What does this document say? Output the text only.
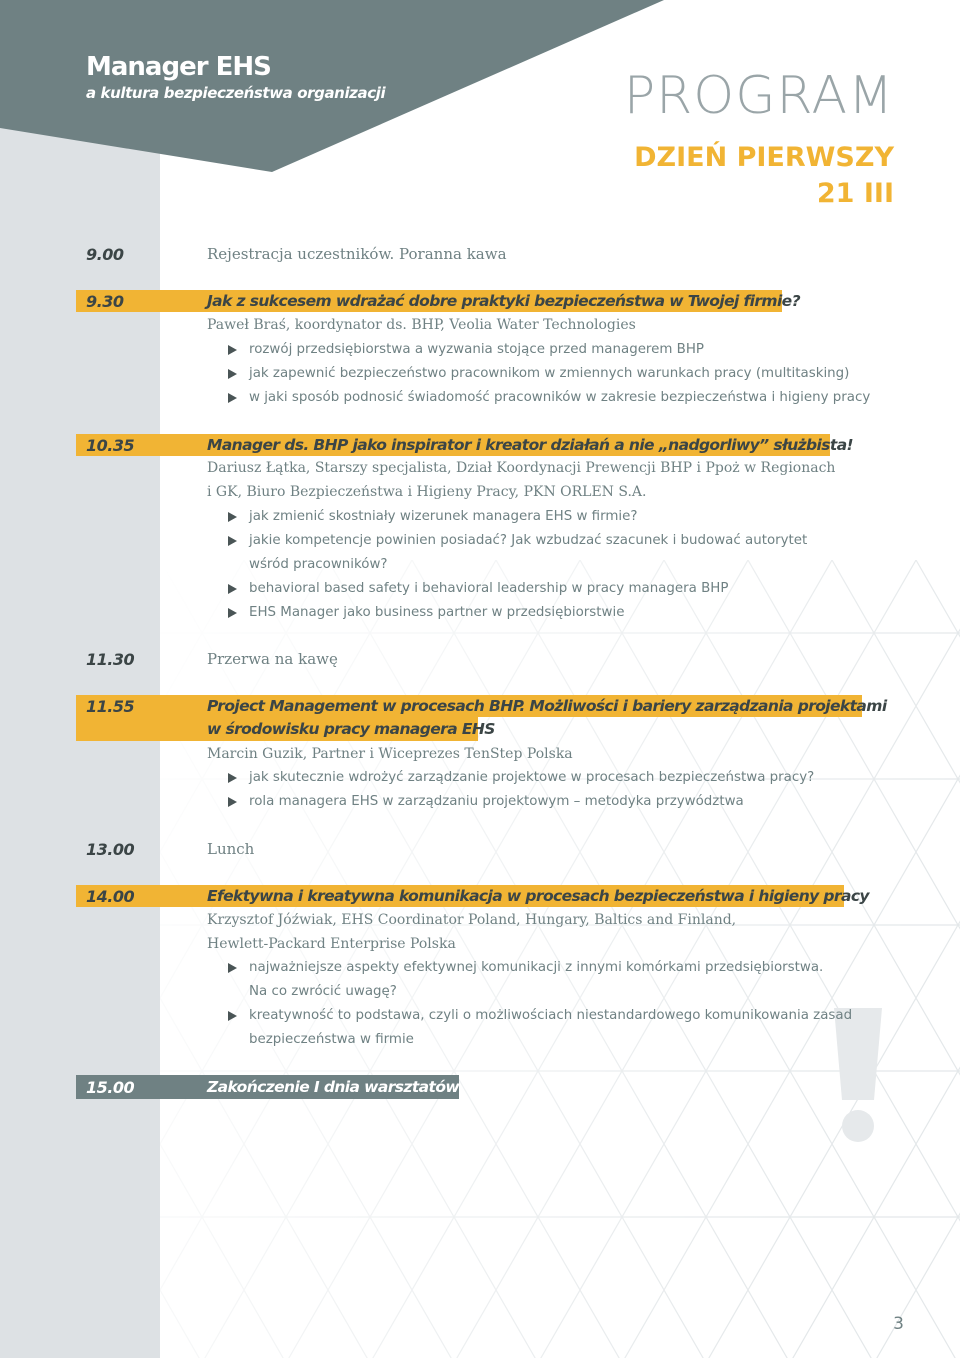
Manager EHS
a kultura bezpieczeństwa organizacji	PROGRAM
DZIEŃ PIERWSZY
21 III
9.00	Rejestracja uczestników. Poranna kawa
9.30	Jak z sukcesem wdrażać dobre praktyki bezpieczeństwa w Twojej firmie?
Paweł Braś, koordynator ds. BHP, Veolia Water Technologies
rozwój przedsiębiorstwa a wyzwania stojące przed managerem BHP
jak zapewnić bezpieczeństwo pracownikom w zmiennych warunkach pracy (multitasking)
w jaki sposób podnosić świadomość pracowników w zakresie bezpieczeństwa i higieny pracy
10.35	Manager ds. BHP jako inspirator i kreator działań a nie „nadgorliwy” służbista!
Dariusz Łątka, Starszy specjalista, Dział Koordynacji Prewencji BHP i Ppoż w Regionach
i GK, Biuro Bezpieczeństwa i Higieny Pracy, PKN ORLEN S.A.
jak zmienić skostniały wizerunek managera EHS w firmie?
jakie kompetencje powinien posiadać? Jak wzbudzać szacunek i budować autorytet
wśród pracowników?
behavioral based safety i behavioral leadership w pracy managera BHP
EHS Manager jako business partner w przedsiębiorstwie
11.30	Przerwa na kawę
11.55	Project Management w procesach BHP. Możliwości i bariery zarządzania projektami
w środowisku pracy managera EHS
Marcin Guzik, Partner i Wiceprezes TenStep Polska
jak skutecznie wdrożyć zarządzanie projektowe w procesach bezpieczeństwa pracy?
rola managera EHS w zarządzaniu projektowym – metodyka przywództwa
13.00	Lunch
14.00	Efektywna i kreatywna komunikacja w procesach bezpieczeństwa i higieny pracy
Krzysztof Jóźwiak, EHS Coordinator Poland, Hungary, Baltics and Finland,
Hewlett-Packard Enterprise Polska
najważniejsze aspekty efektywnej komunikacji z innymi komórkami przedsiębiorstwa.
Na co zwrócić uwagę?
kreatywność to podstawa, czyli o możliwościach niestandardowego komunikowania zasad
bezpieczeństwa w firmie
15.00	Zakończenie I dnia warsztatów
3
